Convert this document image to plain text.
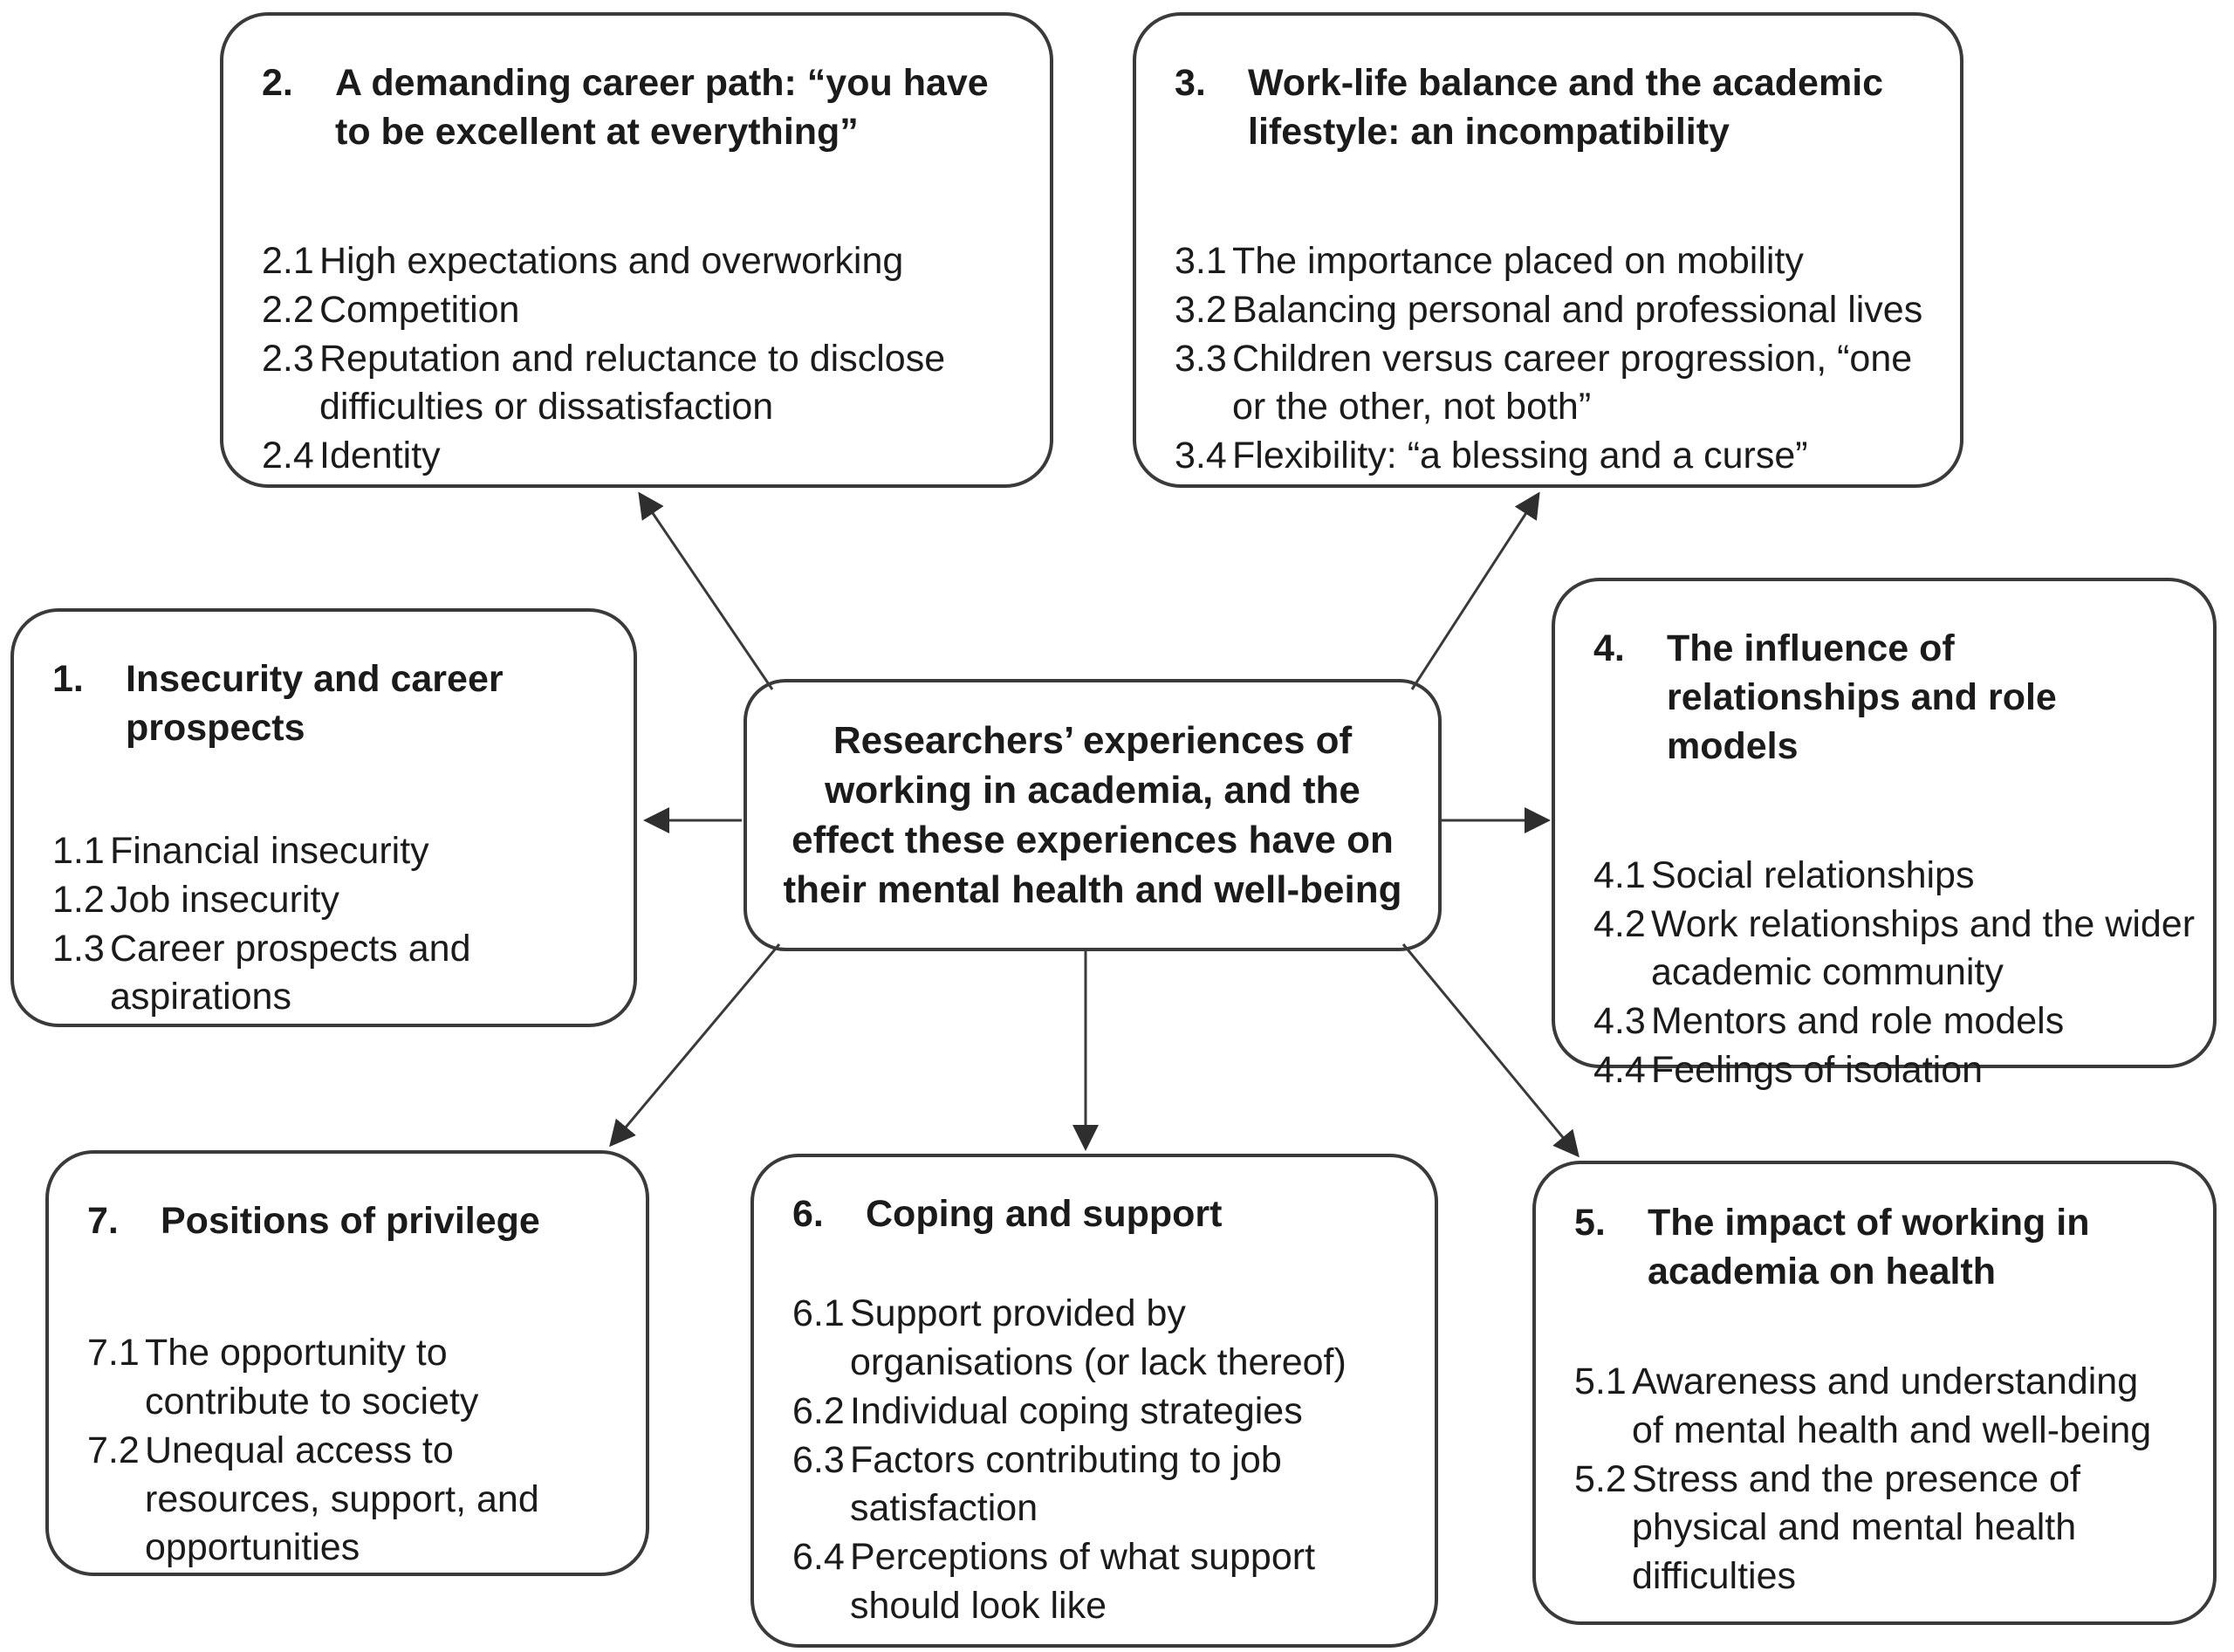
1.	Insecurity and career prospects
1.1 Financial insecurity
1.2 Job insecurity
1.3 Career prospects and aspirations
2.	A demanding career path: “you have to be excellent at everything”
2.1 High expectations and overworking
2.2 Competition
2.3 Reputation and reluctance to disclose difficulties or dissatisfaction
2.4 Identity
3.	Work-life balance and the academic lifestyle: an incompatibility
3.1 The importance placed on mobility
3.2 Balancing personal and professional lives
3.3 Children versus career progression, “one or the other, not both”
3.4 Flexibility: “a blessing and a curse”
4.	The influence of relationships and role models
4.1 Social relationships
4.2 Work relationships and the wider academic community
4.3 Mentors and role models
4.4 Feelings of isolation
5.	The impact of working in academia on health
5.1 Awareness and understanding of mental health and well-being
5.2 Stress and the presence of physical and mental health difficulties
6.	Coping and support
6.1 Support provided by organisations (or lack thereof)
6.2 Individual coping strategies
6.3 Factors contributing to job satisfaction
6.4 Perceptions of what support should look like
7.	Positions of privilege
7.1 The opportunity to contribute to society
7.2 Unequal access to resources, support, and opportunities
Researchers’ experiences of working in academia, and the effect these experiences have on their mental health and well-being
